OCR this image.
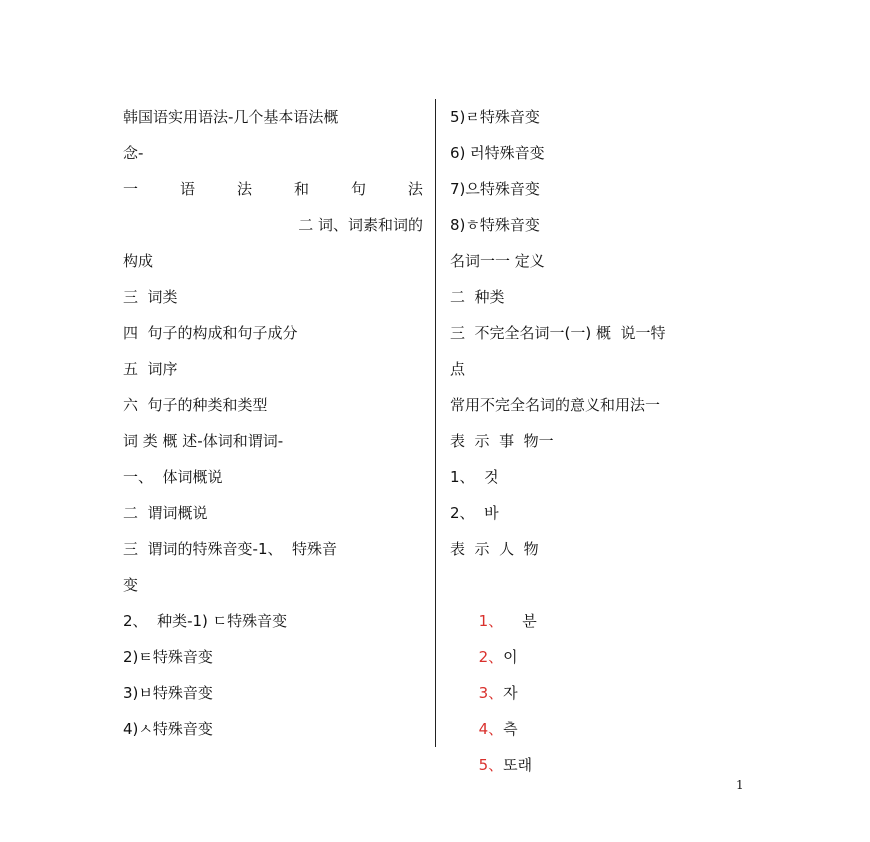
韩国语实用语法-几个基本语法概
念-
一	语	法	和	句	法
二 词、词素和词的
构成
三  词类
四  句子的构成和句子成分
五  词序
六  句子的种类和类型
词 类 概 述-体词和谓词-
一、  体词概说
二  谓词概说
三  谓词的特殊音变-1、  特殊音
变
2、  种类-1) ㄷ特殊音变
2)ㅌ特殊音变
3)ㅂ特殊音变
4)ㅅ特殊音变
5)ㄹ特殊音变
6) 러特殊音变
7)으特殊音变
8)ㅎ特殊音变
名词一一 定义
二  种类
三  不完全名词一(一) 概  说一特
点
常用不完全名词的意义和用法一
表  示  事  物一
1、  것
2、  바
表  示  人  物

1、    분

2、이

3、자

4、측

5、또래

1
